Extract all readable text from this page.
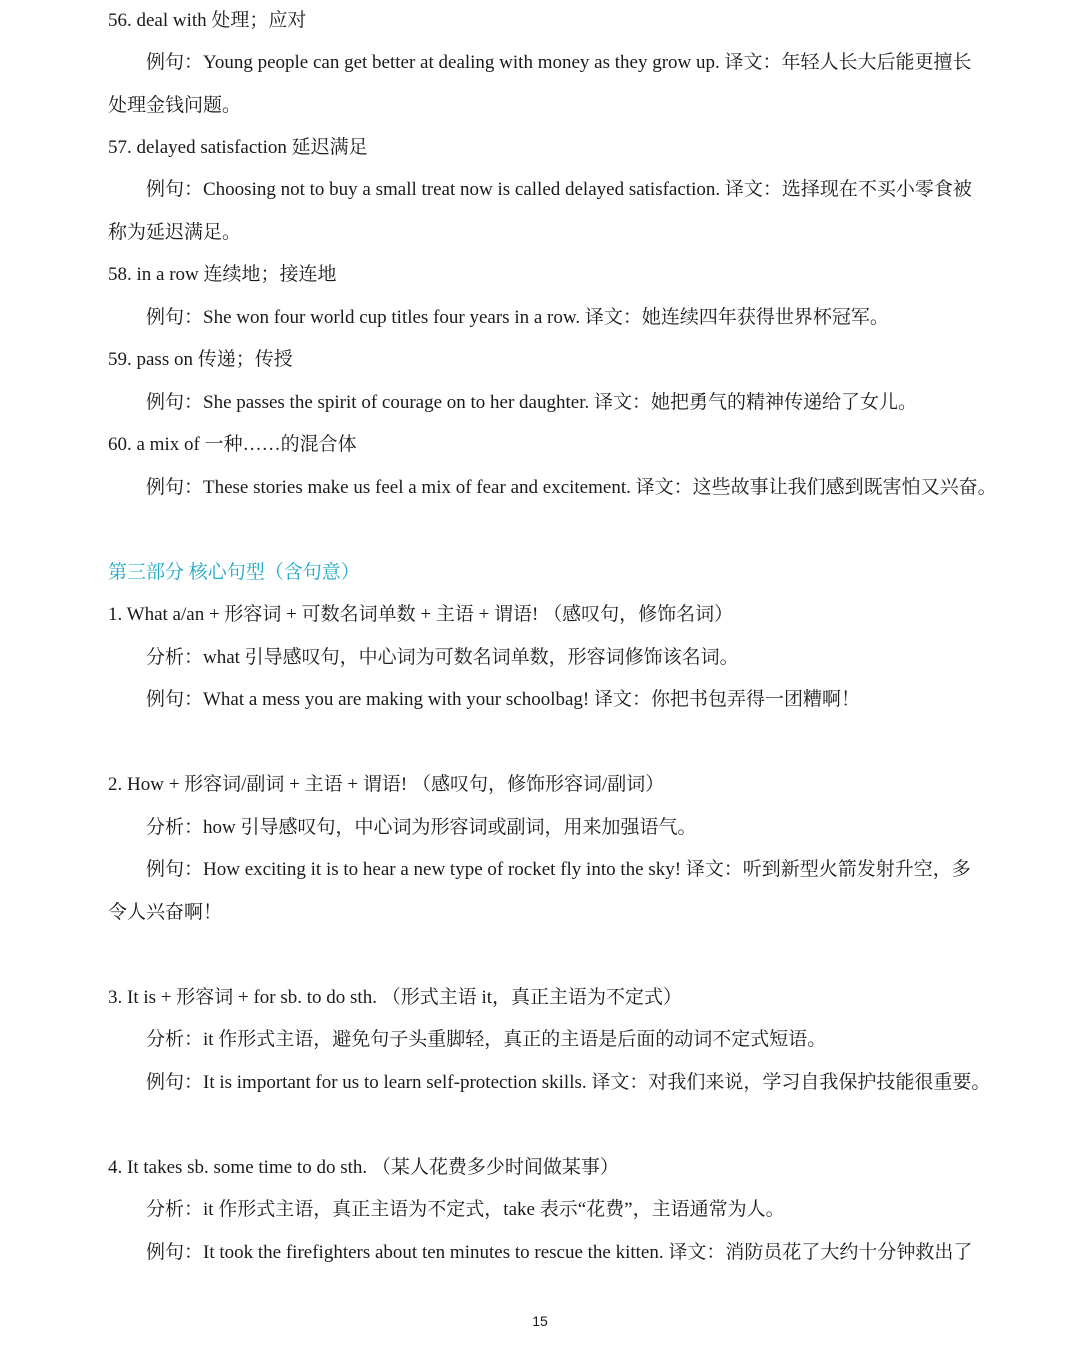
56. deal with 处理；应对
例句：Young people can get better at dealing with money as they grow up. 译文：年轻人长大后能更擅长
处理金钱问题。
57. delayed satisfaction 延迟满足
例句：Choosing not to buy a small treat now is called delayed satisfaction. 译文：选择现在不买小零食被
称为延迟满足。
58. in a row 连续地；接连地
例句：She won four world cup titles four years in a row. 译文：她连续四年获得世界杯冠军。
59. pass on 传递；传授
例句：She passes the spirit of courage on to her daughter. 译文：她把勇气的精神传递给了女儿。
60. a mix of 一种……的混合体
例句：These stories make us feel a mix of fear and excitement. 译文：这些故事让我们感到既害怕又兴奋。
第三部分 核心句型（含句意）
1. What a/an + 形容词 + 可数名词单数 + 主语 + 谓语! （感叹句，修饰名词）
分析：what 引导感叹句，中心词为可数名词单数，形容词修饰该名词。
例句：What a mess you are making with your schoolbag! 译文：你把书包弄得一团糟啊！
2. How + 形容词/副词 + 主语 + 谓语! （感叹句，修饰形容词/副词）
分析：how 引导感叹句，中心词为形容词或副词，用来加强语气。
例句：How exciting it is to hear a new type of rocket fly into the sky! 译文：听到新型火箭发射升空，多
令人兴奋啊！
3. It is + 形容词 + for sb. to do sth. （形式主语 it，真正主语为不定式）
分析：it 作形式主语，避免句子头重脚轻，真正的主语是后面的动词不定式短语。
例句：It is important for us to learn self-protection skills. 译文：对我们来说，学习自我保护技能很重要。
4. It takes sb. some time to do sth. （某人花费多少时间做某事）
分析：it 作形式主语，真正主语为不定式，take 表示“花费”，主语通常为人。
例句：It took the firefighters about ten minutes to rescue the kitten. 译文：消防员花了大约十分钟救出了
15
